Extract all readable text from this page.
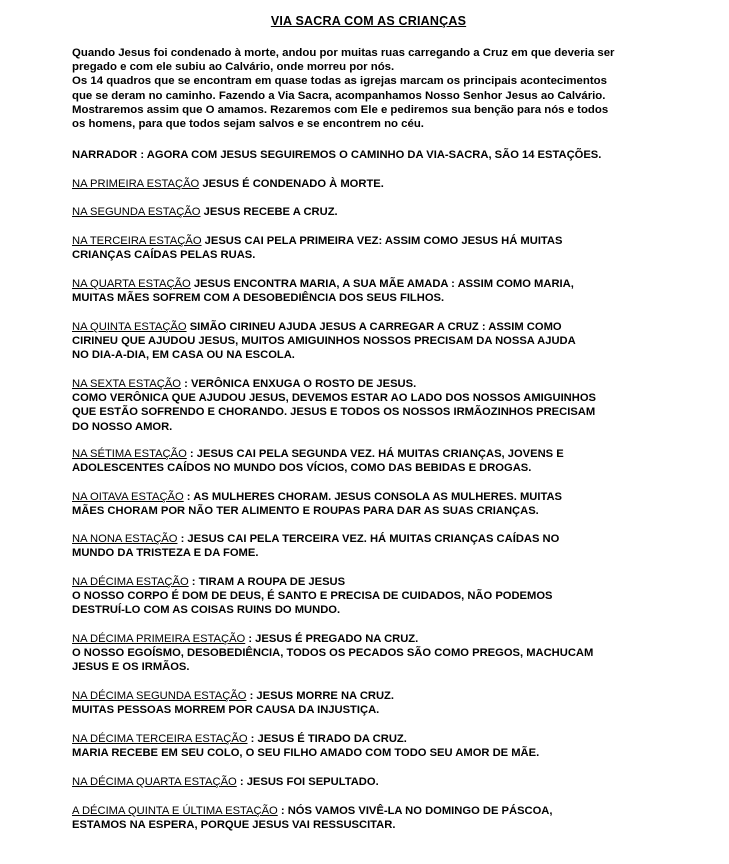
VIA SACRA COM AS CRIANÇAS
Quando Jesus foi condenado à morte, andou por muitas ruas carregando a Cruz em que deveria ser
pregado e com ele subiu ao Calvário, onde morreu por nós.
Os 14 quadros que se encontram em quase todas as igrejas marcam os principais acontecimentos
que se deram no caminho. Fazendo a Via Sacra, acompanhamos Nosso Senhor Jesus ao Calvário.
Mostraremos assim que O amamos. Rezaremos com Ele e pediremos sua benção para nós e todos
os homens, para que todos sejam salvos e se encontrem no céu.
NARRADOR : AGORA COM JESUS SEGUIREMOS O CAMINHO DA VIA-SACRA, SÃO 14 ESTAÇÕES.
NA PRIMEIRA ESTAÇÃO JESUS É CONDENADO À MORTE.
NA SEGUNDA ESTAÇÃO JESUS RECEBE A CRUZ.
NA TERCEIRA ESTAÇÃO JESUS CAI PELA PRIMEIRA VEZ: ASSIM COMO JESUS HÁ MUITAS
CRIANÇAS CAÍDAS PELAS RUAS.
NA QUARTA ESTAÇÃO JESUS ENCONTRA MARIA, A SUA MÃE AMADA : ASSIM COMO MARIA,
MUITAS MÃES SOFREM COM A DESOBEDIÊNCIA DOS SEUS FILHOS.
NA QUINTA ESTAÇÃO SIMÃO CIRINEU AJUDA JESUS A CARREGAR A CRUZ : ASSIM COMO
CIRINEU QUE AJUDOU JESUS, MUITOS AMIGUINHOS NOSSOS PRECISAM DA NOSSA AJUDA
NO DIA-A-DIA, EM CASA OU NA ESCOLA.
NA SEXTA ESTAÇÃO : VERÔNICA ENXUGA O ROSTO DE JESUS.
COMO VERÔNICA QUE AJUDOU JESUS, DEVEMOS ESTAR AO LADO DOS NOSSOS AMIGUINHOS
QUE ESTÃO SOFRENDO E CHORANDO. JESUS E TODOS OS NOSSOS IRMÃOZINHOS PRECISAM
DO NOSSO AMOR.
NA SÉTIMA ESTAÇÃO : JESUS CAI PELA SEGUNDA VEZ. HÁ MUITAS CRIANÇAS, JOVENS E
ADOLESCENTES CAÍDOS NO MUNDO DOS VÍCIOS, COMO DAS BEBIDAS E DROGAS.
NA OITAVA ESTAÇÃO : AS MULHERES CHORAM. JESUS CONSOLA AS MULHERES. MUITAS
MÃES CHORAM POR NÃO TER ALIMENTO E ROUPAS PARA DAR AS SUAS CRIANÇAS.
NA NONA ESTAÇÃO : JESUS CAI PELA TERCEIRA VEZ. HÁ MUITAS CRIANÇAS CAÍDAS NO
MUNDO DA TRISTEZA E DA FOME.
NA DÉCIMA ESTAÇÃO : TIRAM A ROUPA DE JESUS
O NOSSO CORPO É DOM DE DEUS, É SANTO E PRECISA DE CUIDADOS, NÃO PODEMOS
DESTRUÍ-LO COM AS COISAS RUINS DO MUNDO.
NA DÉCIMA PRIMEIRA ESTAÇÃO : JESUS É PREGADO NA CRUZ.
O NOSSO EGOÍSMO, DESOBEDIÊNCIA, TODOS OS PECADOS SÃO COMO PREGOS, MACHUCAM
JESUS E OS IRMÃOS.
NA DÉCIMA SEGUNDA ESTAÇÃO : JESUS MORRE NA CRUZ.
MUITAS PESSOAS MORREM POR CAUSA DA INJUSTIÇA.
NA DÉCIMA TERCEIRA ESTAÇÃO : JESUS É TIRADO DA CRUZ.
MARIA RECEBE EM SEU COLO, O SEU FILHO AMADO COM TODO SEU AMOR DE MÃE.
NA DÉCIMA QUARTA ESTAÇÃO : JESUS FOI SEPULTADO.
A DÉCIMA QUINTA E ÚLTIMA ESTAÇÃO : NÓS VAMOS VIVÊ-LA NO DOMINGO DE PÁSCOA,
ESTAMOS NA ESPERA, PORQUE JESUS VAI RESSUSCITAR.
